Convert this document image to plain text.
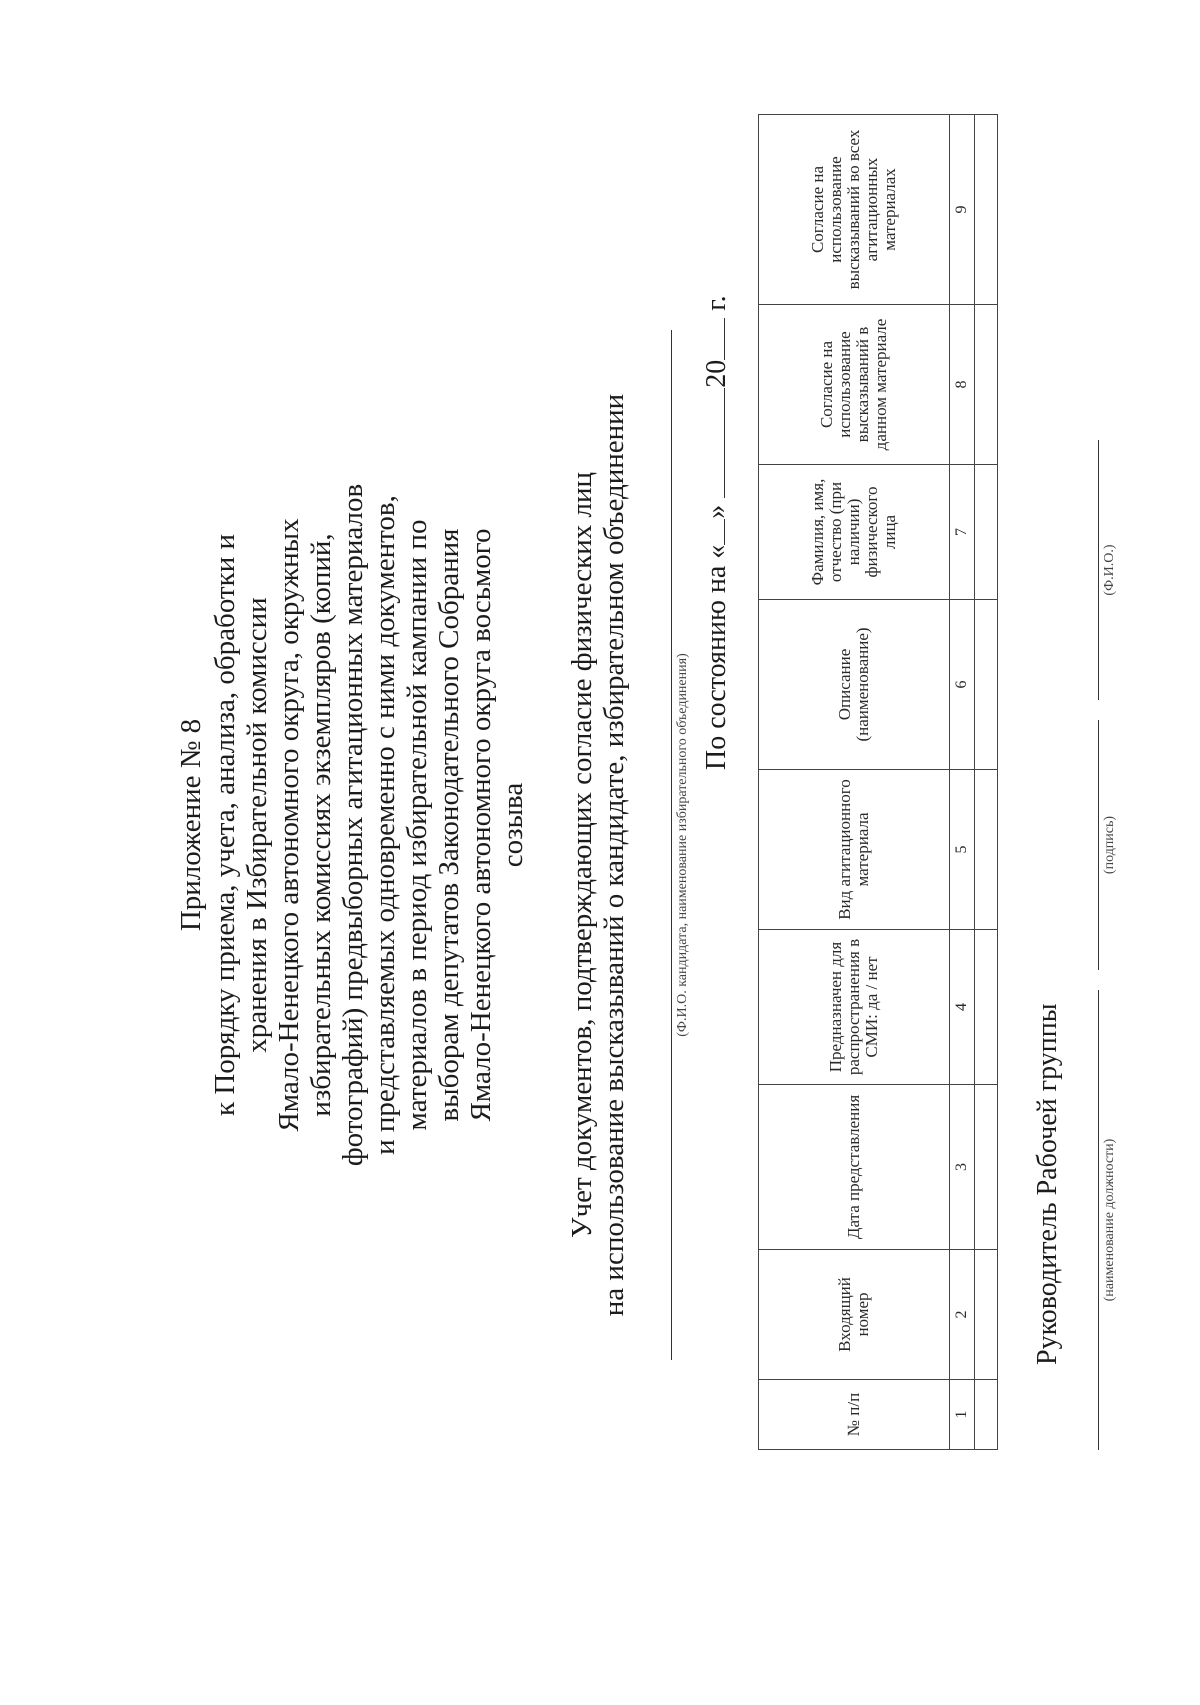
Приложение № 8 к Порядку приема, учета, анализа, обработки и хранения в Избирательной комиссии Ямало-Ненецкого автономного округа, окружных избирательных комиссиях экземпляров (копий, фотографий) предвыборных агитационных материалов и представляемых одновременно с ними документов, материалов в период избирательной кампании по выборам депутатов Законодательного Собрания Ямало-Ненецкого автономного округа восьмого созыва Учет документов, подтверждающих согласие физических лиц на использование высказываний о кандидате, избирательном объединении	(Ф.И.О. кандидата, наименование избирательного объединения) По состоянию на «» 20 г.
№ п/п	Входящий номер	Дата представления	Предназначен для распространения в СМИ: да / нет	Вид агитационного материала	Описание (наименование)	Фамилия, имя, отчество (при наличии) физического лица	Согласие на использование высказываний в данном материале	Согласие на использование высказываний во всех агитационных материалах
1	2	3	4	5	6	7	8	9

Руководитель Рабочей группы	(наименование должности)
(подпись)
(Ф.И.О.)
